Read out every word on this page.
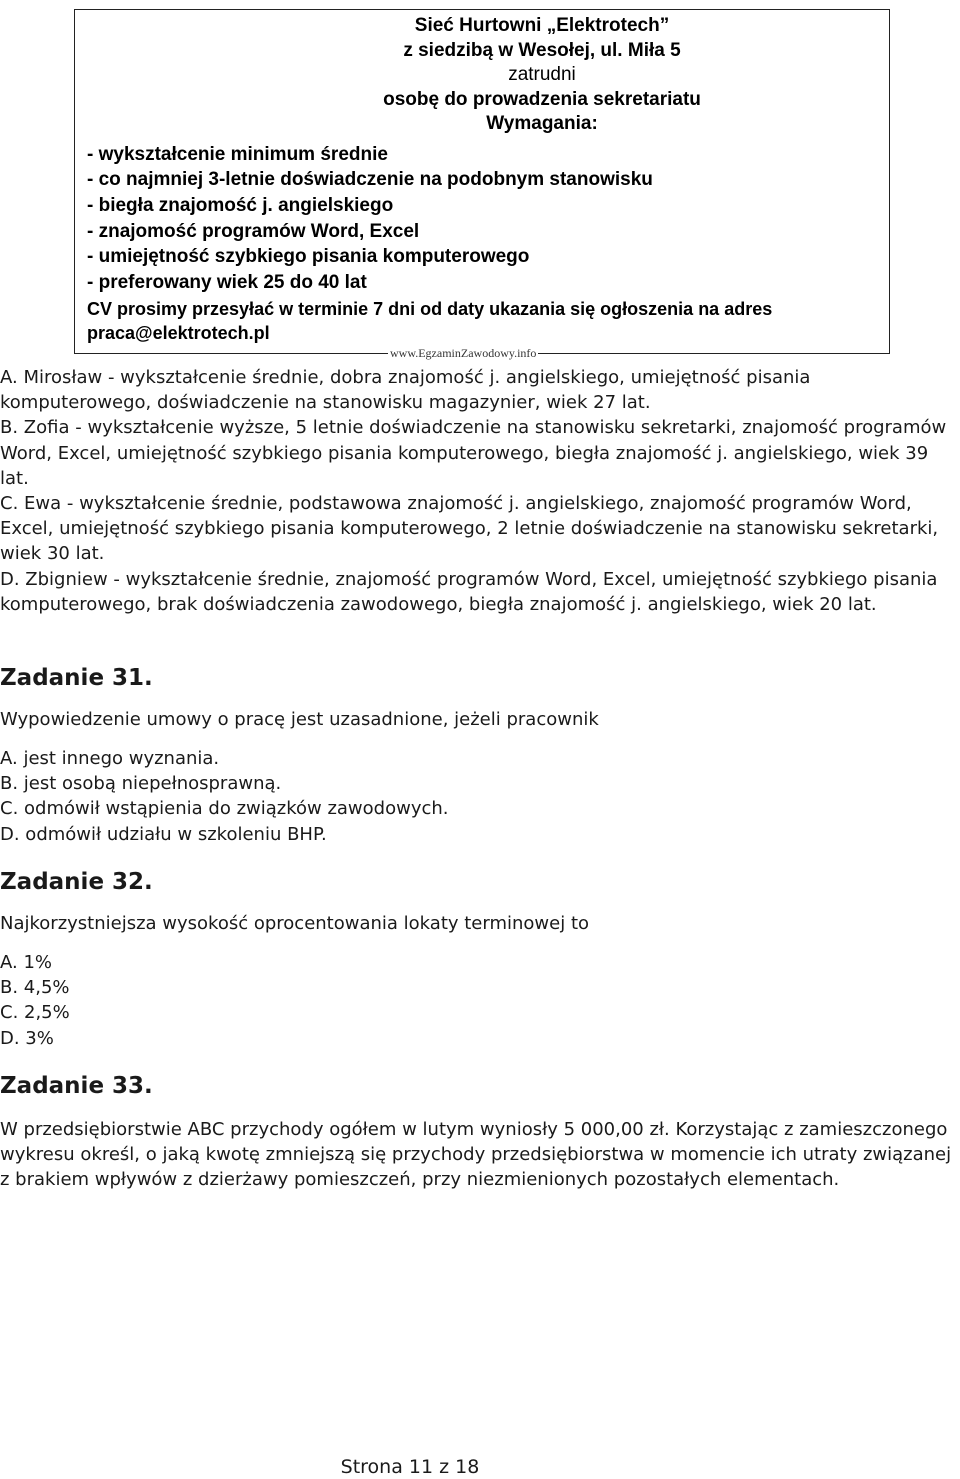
Sieć Hurtowni „Elektrotech”
z siedzibą w Wesołej, ul. Miła 5
zatrudni
osobę do prowadzenia sekretariatu
Wymagania:
- wykształcenie minimum średnie
- co najmniej 3-letnie doświadczenie na podobnym stanowisku
- biegła znajomość j. angielskiego
- znajomość programów Word, Excel
- umiejętność szybkiego pisania komputerowego
- preferowany wiek 25 do 40 lat
CV prosimy przesyłać w terminie 7 dni od daty ukazania się ogłoszenia na adres
praca@elektrotech.pl
www.EgzaminZawodowy.info

A. Mirosław - wykształcenie średnie, dobra znajomość j. angielskiego, umiejętność pisania komputerowego, doświadczenie na stanowisku magazynier, wiek 27 lat.

B. Zofia - wykształcenie wyższe, 5 letnie doświadczenie na stanowisku sekretarki, znajomość programów Word, Excel, umiejętność szybkiego pisania komputerowego, biegła znajomość j. angielskiego, wiek 39 lat.

C. Ewa - wykształcenie średnie, podstawowa znajomość j. angielskiego, znajomość programów Word, Excel, umiejętność szybkiego pisania komputerowego, 2 letnie doświadczenie na stanowisku sekretarki, wiek 30 lat.

D. Zbigniew - wykształcenie średnie, znajomość programów Word, Excel, umiejętność szybkiego pisania komputerowego, brak doświadczenia zawodowego, biegła znajomość j. angielskiego, wiek 20 lat.

Zadanie 31.

Wypowiedzenie umowy o pracę jest uzasadnione, jeżeli pracownik

A. jest innego wyznania.
B. jest osobą niepełnosprawną.
C. odmówił wstąpienia do związków zawodowych.
D. odmówił udziału w szkoleniu BHP.
Zadanie 32.

Najkorzystniejsza wysokość oprocentowania lokaty terminowej to

A. 1%
B. 4,5%
C. 2,5%
D. 3%
Zadanie 33.

W przedsiębiorstwie ABC przychody ogółem w lutym wyniosły 5 000,00 zł. Korzystając z zamieszczonego wykresu określ, o jaką kwotę zmniejszą się przychody przedsiębiorstwa w momencie ich utraty związanej z brakiem wpływów z dzierżawy pomieszczeń, przy niezmienionych pozostałych elementach.

Strona 11 z 18
